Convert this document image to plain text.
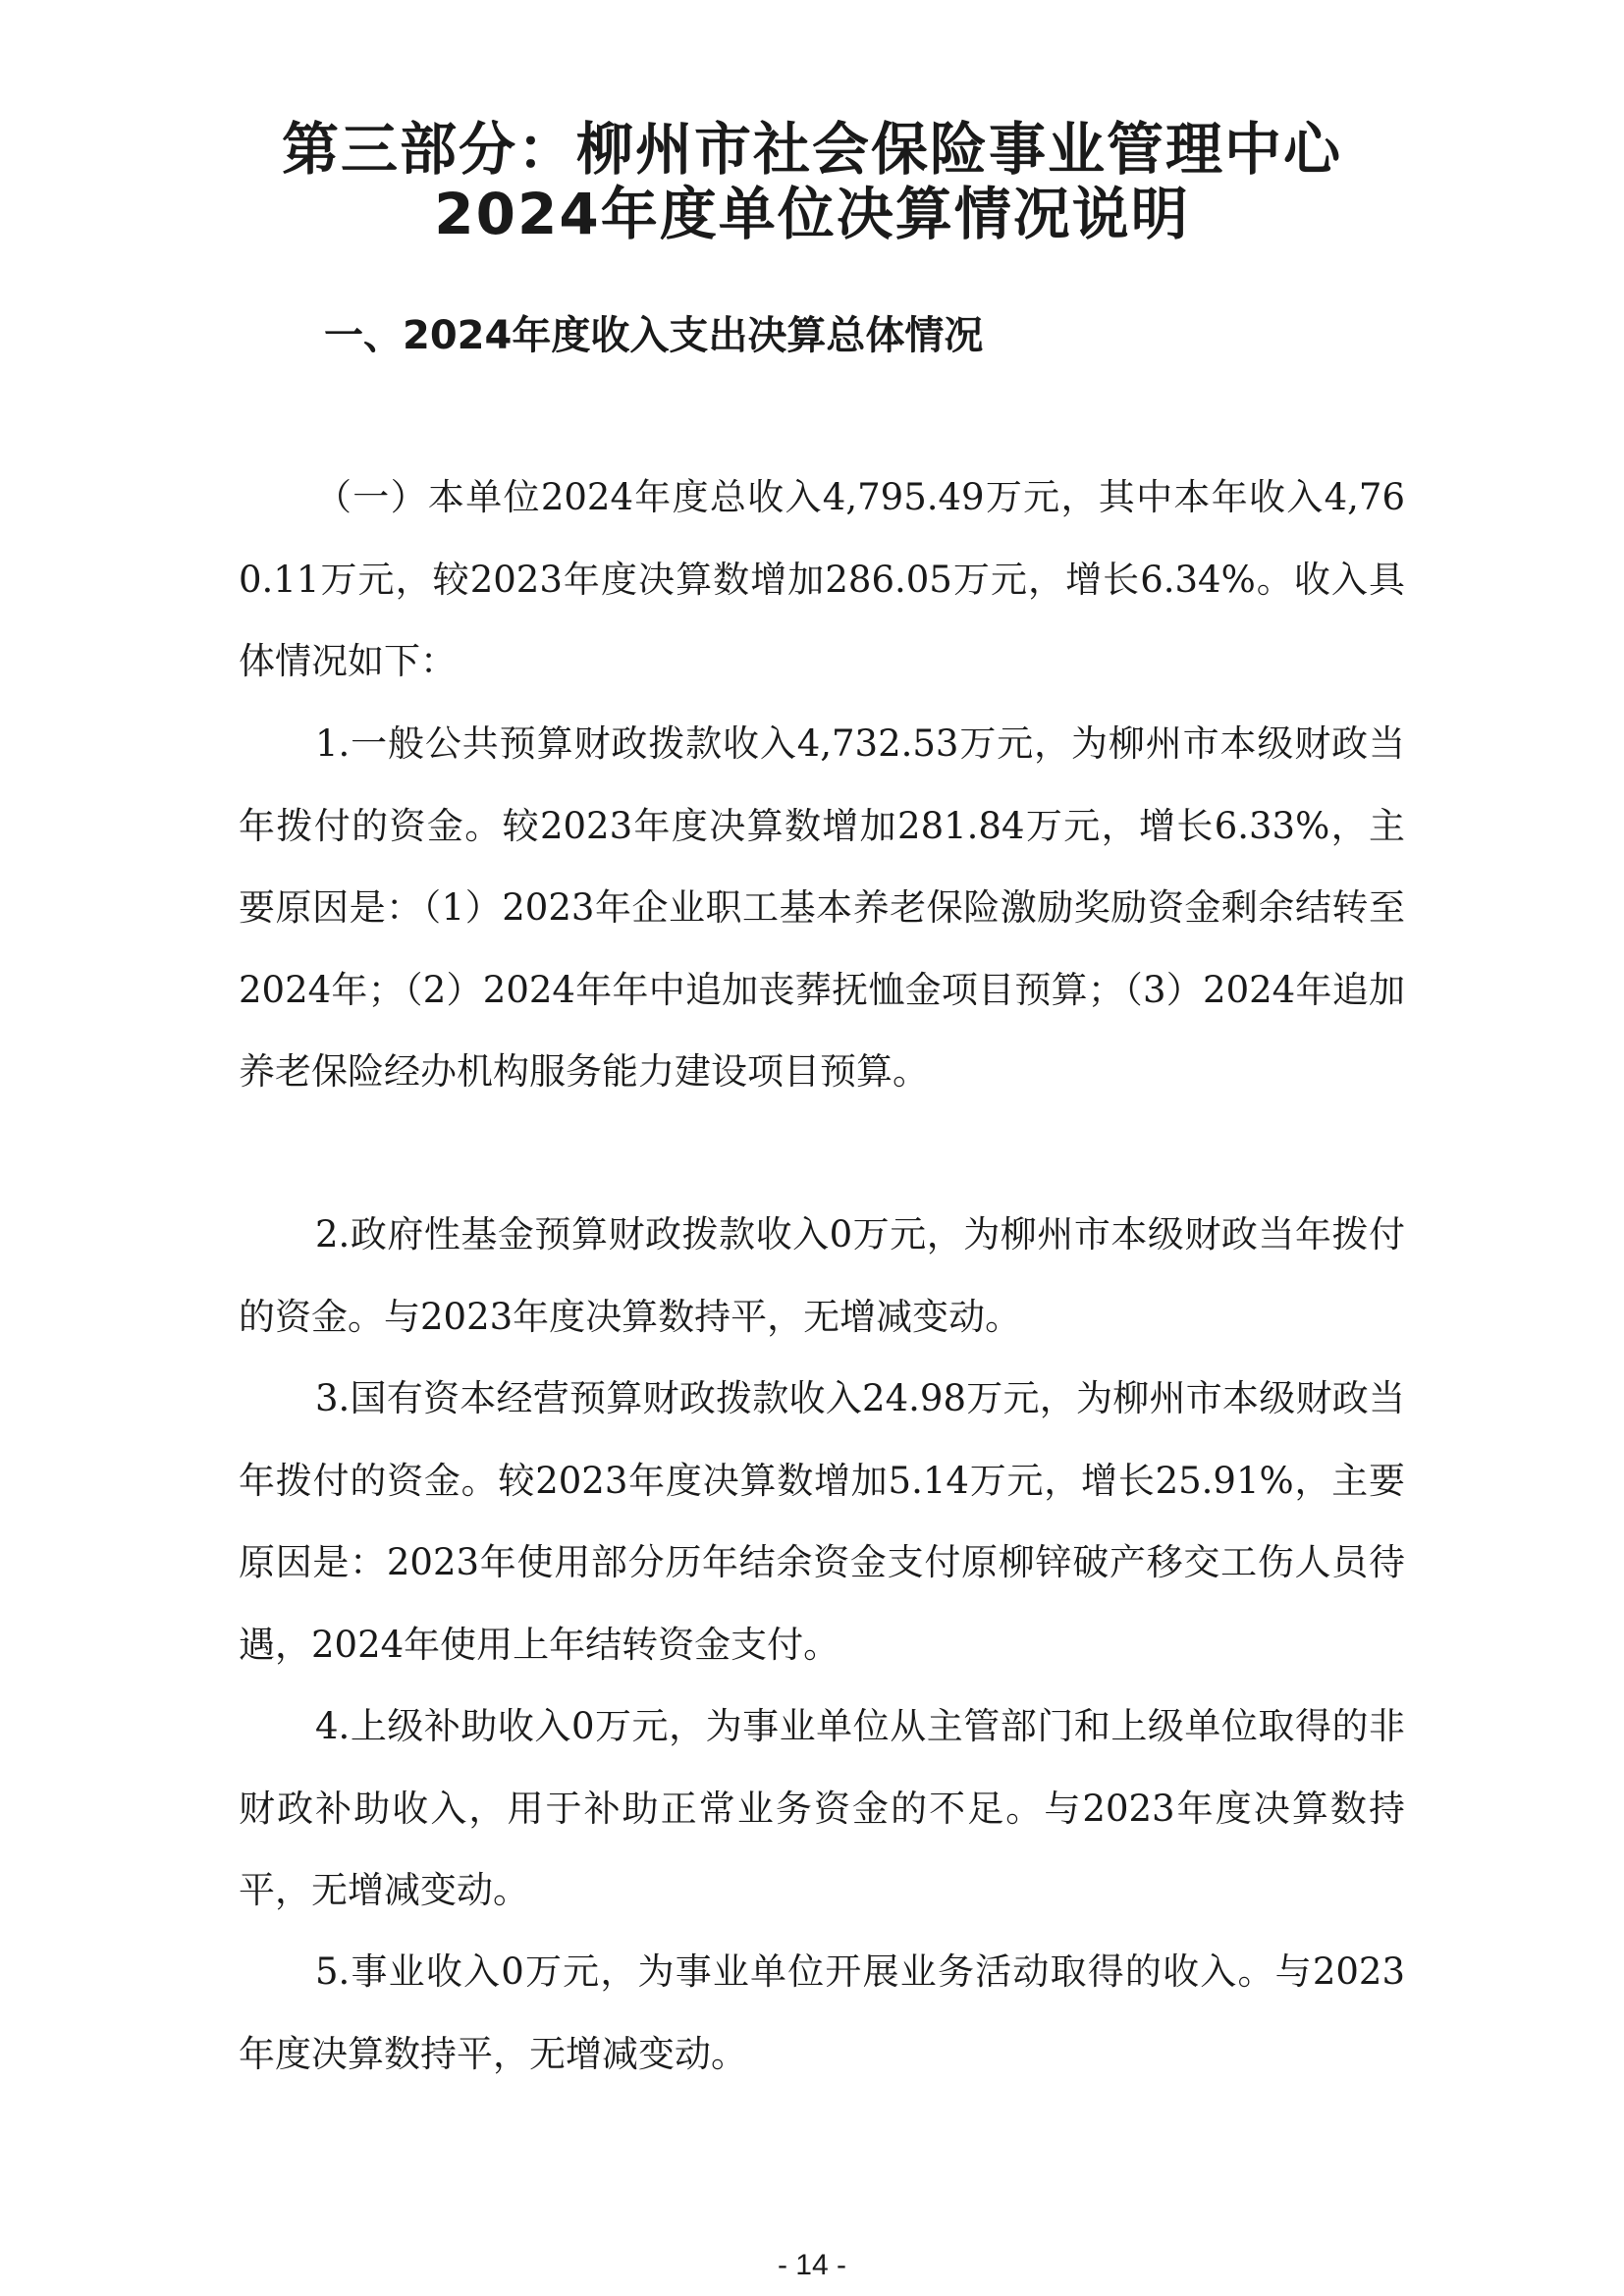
第三部分：柳州市社会保险事业管理中心
2024年度单位决算情况说明
一、2024年度收入支出决算总体情况

（一）本单位2024年度总收入4,795.49万元，其中本年收入4,760.11万元，较2023年度决算数增加286.05万元，增长6.34%。收入具体情况如下：

1.一般公共预算财政拨款收入4,732.53万元，为柳州市本级财政当年拨付的资金。较2023年度决算数增加281.84万元，增长6.33%，主要原因是：（1）2023年企业职工基本养老保险激励奖励资金剩余结转至2024年；（2）2024年年中追加丧葬抚恤金项目预算；（3）2024年追加养老保险经办机构服务能力建设项目预算。

2.政府性基金预算财政拨款收入0万元，为柳州市本级财政当年拨付的资金。与2023年度决算数持平，无增减变动。

3.国有资本经营预算财政拨款收入24.98万元，为柳州市本级财政当年拨付的资金。较2023年度决算数增加5.14万元，增长25.91%，主要原因是：2023年使用部分历年结余资金支付原柳锌破产移交工伤人员待遇，2024年使用上年结转资金支付。

4.上级补助收入0万元，为事业单位从主管部门和上级单位取得的非财政补助收入，用于补助正常业务资金的不足。与2023年度决算数持平，无增减变动。

5.事业收入0万元，为事业单位开展业务活动取得的收入。与2023年度决算数持平，无增减变动。

- 14 -
